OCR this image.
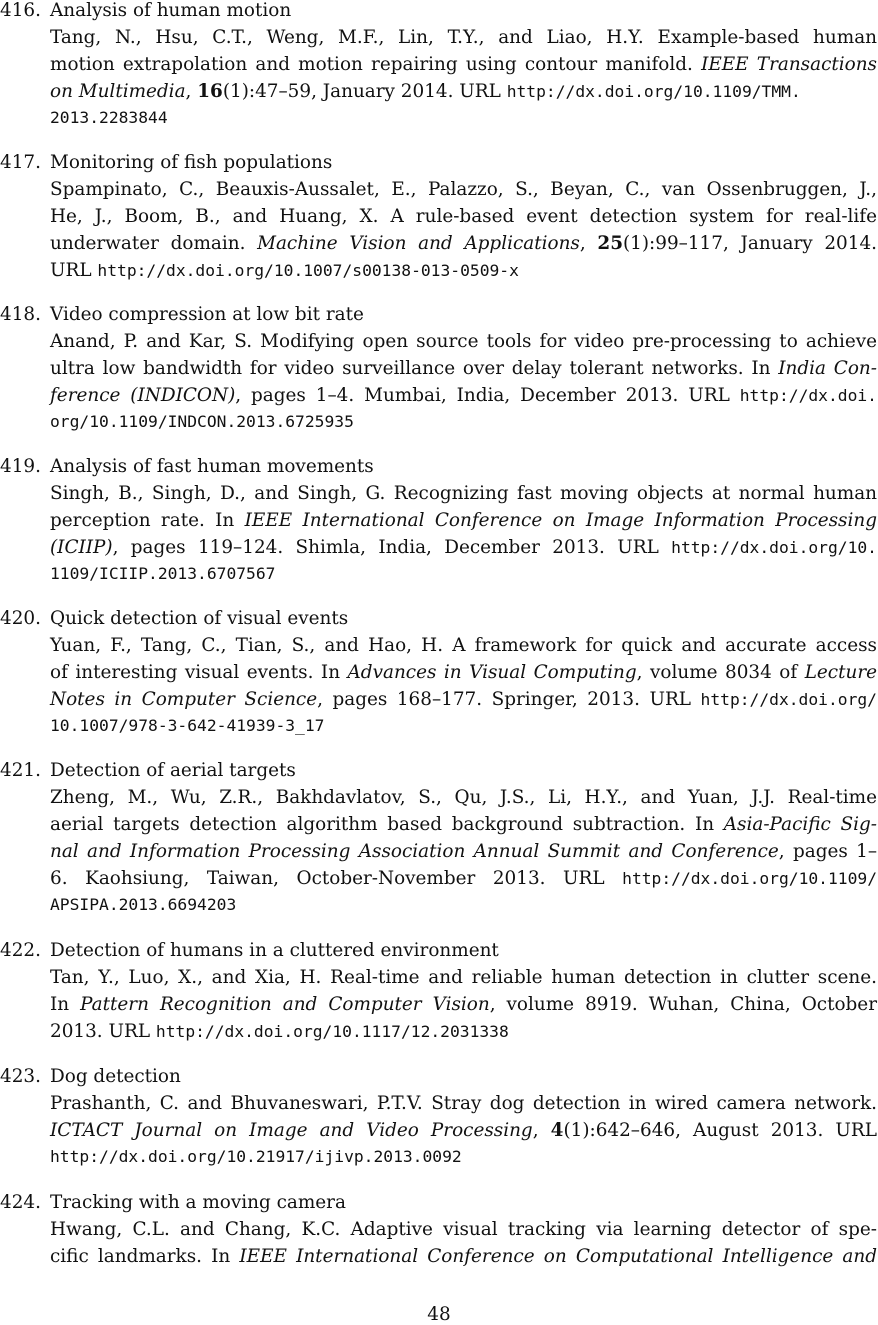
416. Analysis of human motion
Tang, N., Hsu, C.T., Weng, M.F., Lin, T.Y., and Liao, H.Y. Example-based human
motion extrapolation and motion repairing using contour manifold. IEEE Transactions
on Multimedia, 16(1):47–59, January 2014. URL http://dx.doi.org/10.1109/TMM.
2013.2283844
417. Monitoring of fish populations
Spampinato, C., Beauxis-Aussalet, E., Palazzo, S., Beyan, C., van Ossenbruggen, J.,
He, J., Boom, B., and Huang, X. A rule-based event detection system for real-life
underwater domain. Machine Vision and Applications, 25(1):99–117, January 2014.
URL http://dx.doi.org/10.1007/s00138-013-0509-x
418. Video compression at low bit rate
Anand, P. and Kar, S. Modifying open source tools for video pre-processing to achieve
ultra low bandwidth for video surveillance over delay tolerant networks. In India Con-
ference (INDICON), pages 1–4. Mumbai, India, December 2013. URL http://dx.doi.
org/10.1109/INDCON.2013.6725935
419. Analysis of fast human movements
Singh, B., Singh, D., and Singh, G. Recognizing fast moving objects at normal human
perception rate. In IEEE International Conference on Image Information Processing
(ICIIP), pages 119–124. Shimla, India, December 2013. URL http://dx.doi.org/10.
1109/ICIIP.2013.6707567
420. Quick detection of visual events
Yuan, F., Tang, C., Tian, S., and Hao, H. A framework for quick and accurate access
of interesting visual events. In Advances in Visual Computing, volume 8034 of Lecture
Notes in Computer Science, pages 168–177. Springer, 2013. URL http://dx.doi.org/
10.1007/978-3-642-41939-3_17
421. Detection of aerial targets
Zheng, M., Wu, Z.R., Bakhdavlatov, S., Qu, J.S., Li, H.Y., and Yuan, J.J. Real-time
aerial targets detection algorithm based background subtraction. In Asia-Pacific Sig-
nal and Information Processing Association Annual Summit and Conference, pages 1–
6. Kaohsiung, Taiwan, October-November 2013. URL http://dx.doi.org/10.1109/
APSIPA.2013.6694203
422. Detection of humans in a cluttered environment
Tan, Y., Luo, X., and Xia, H. Real-time and reliable human detection in clutter scene.
In Pattern Recognition and Computer Vision, volume 8919. Wuhan, China, October
2013. URL http://dx.doi.org/10.1117/12.2031338
423. Dog detection
Prashanth, C. and Bhuvaneswari, P.T.V. Stray dog detection in wired camera network.
ICTACT Journal on Image and Video Processing, 4(1):642–646, August 2013. URL
http://dx.doi.org/10.21917/ijivp.2013.0092
424. Tracking with a moving camera
Hwang, C.L. and Chang, K.C. Adaptive visual tracking via learning detector of spe-
cific landmarks. In IEEE International Conference on Computational Intelligence and
48
